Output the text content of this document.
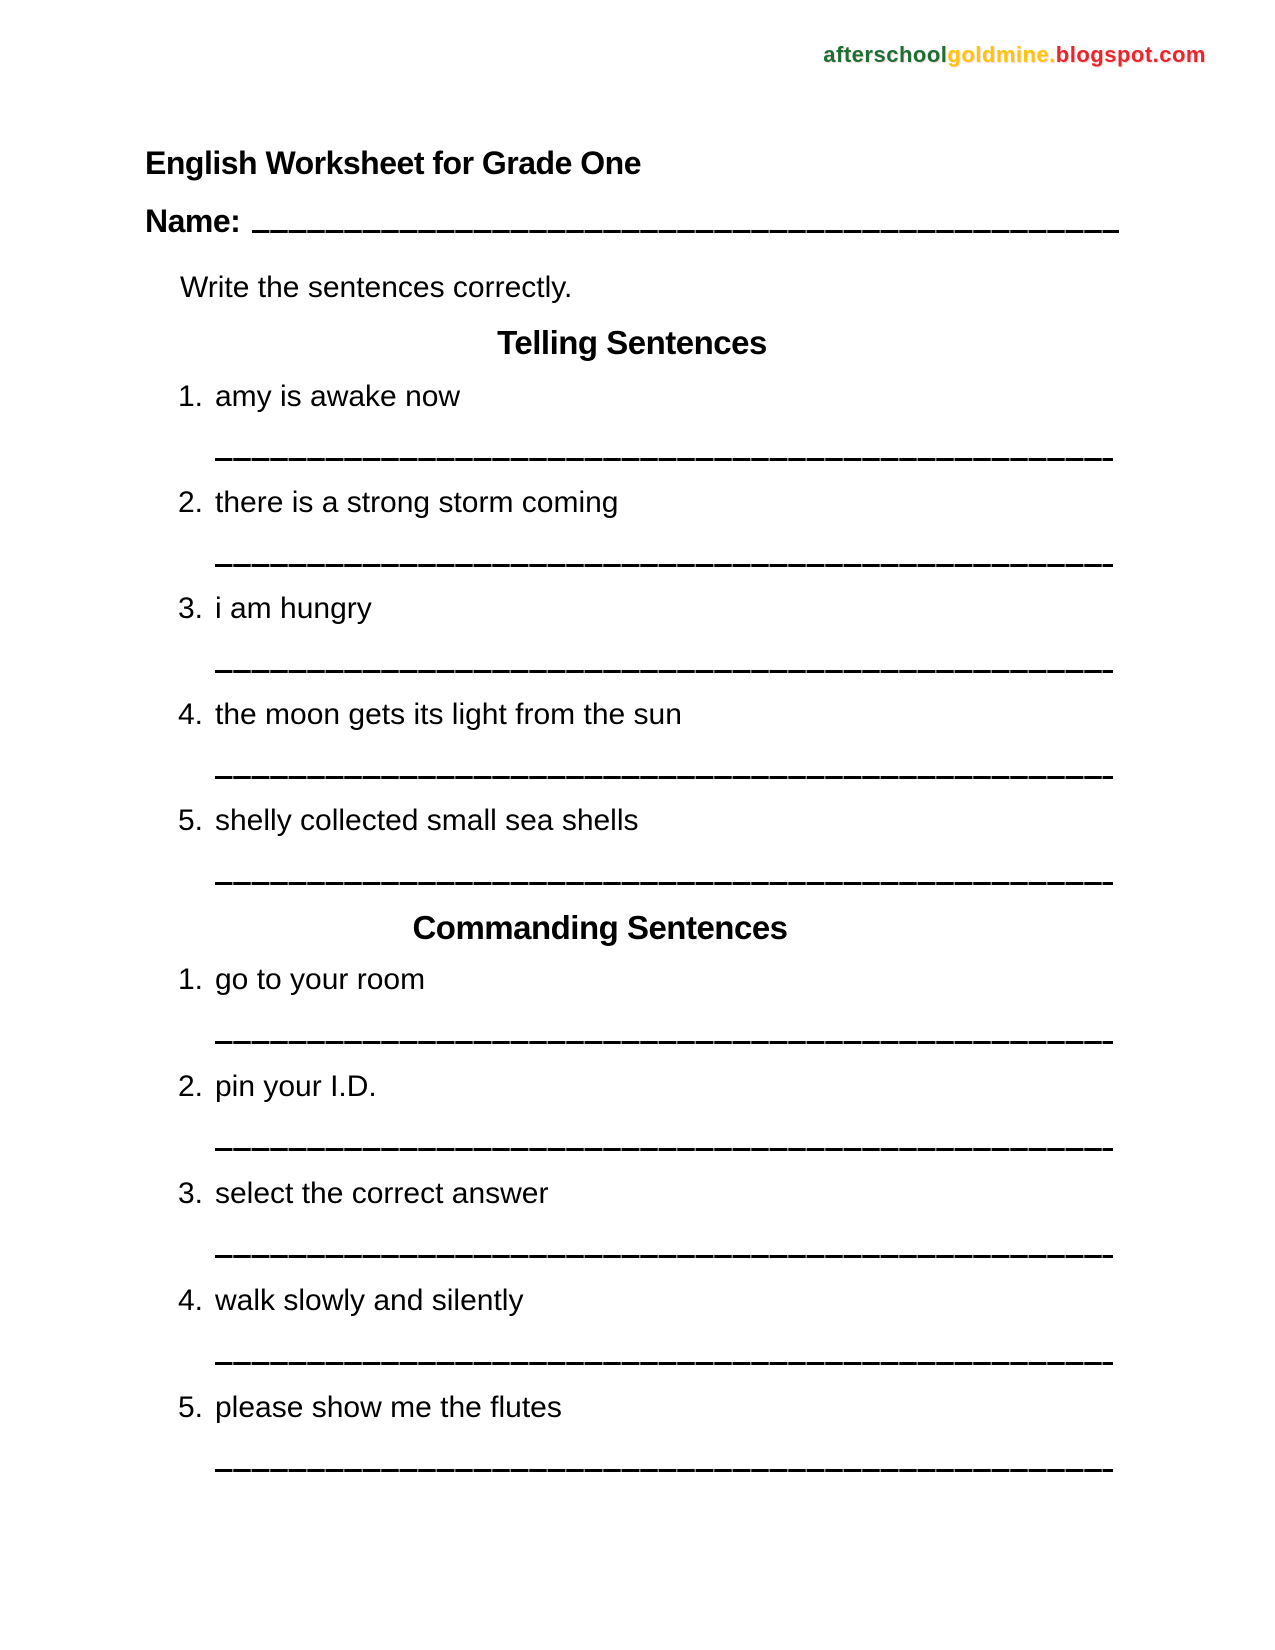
afterschoolgoldmine.blogspot.com
English Worksheet for Grade One
Name:

Write the sentences correctly.

Telling Sentences
1. amy is awake now
2. there is a strong storm coming
3. i am hungry
4. the moon gets its light from the sun
5. shelly collected small sea shells
Commanding Sentences
1. go to your room
2. pin your I.D.
3. select the correct answer
4. walk slowly and silently
5. please show me the flutes
